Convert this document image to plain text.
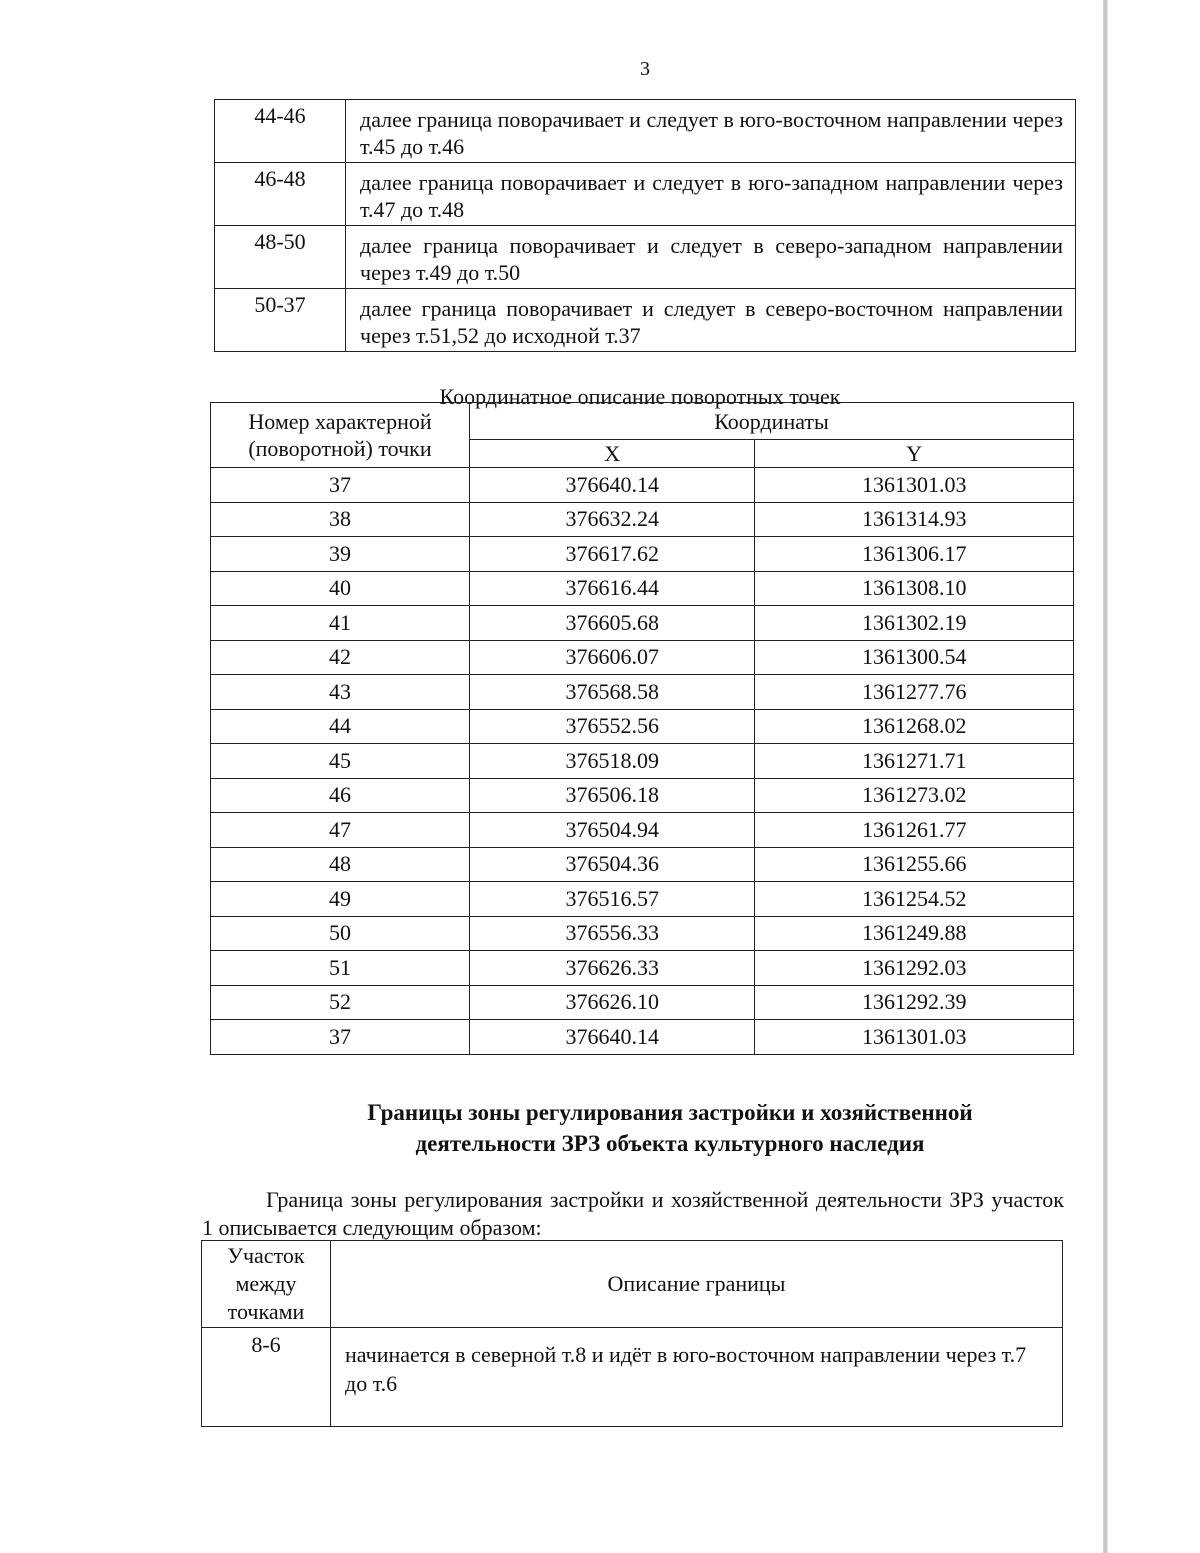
3
44-46	далее граница поворачивает и следует в юго-восточном направлении через т.45 до т.46
46-48	далее граница поворачивает и следует в юго-западном направлении через т.47 до т.48
48-50	далее граница поворачивает и следует в северо-западном направлении через т.49 до т.50
50-37	далее граница поворачивает и следует в северо-восточном направлении через т.51,52 до исходной т.37
Координатное описание поворотных точек
Номер характерной (поворотной) точки	Координаты	
	X	Y
37	376640.14	1361301.03
38	376632.24	1361314.93
39	376617.62	1361306.17
40	376616.44	1361308.10
41	376605.68	1361302.19
42	376606.07	1361300.54
43	376568.58	1361277.76
44	376552.56	1361268.02
45	376518.09	1361271.71
46	376506.18	1361273.02
47	376504.94	1361261.77
48	376504.36	1361255.66
49	376516.57	1361254.52
50	376556.33	1361249.88
51	376626.33	1361292.03
52	376626.10	1361292.39
37	376640.14	1361301.03
Границы зоны регулирования застройки и хозяйственной
деятельности ЗРЗ объекта культурного наследия
Граница зоны регулирования застройки и хозяйственной деятельности ЗРЗ участок 1 описывается следующим образом:
Участок между точками	Описание границы
8-6	начинается в северной т.8 и идёт в юго-восточном направлении через т.7 до т.6
